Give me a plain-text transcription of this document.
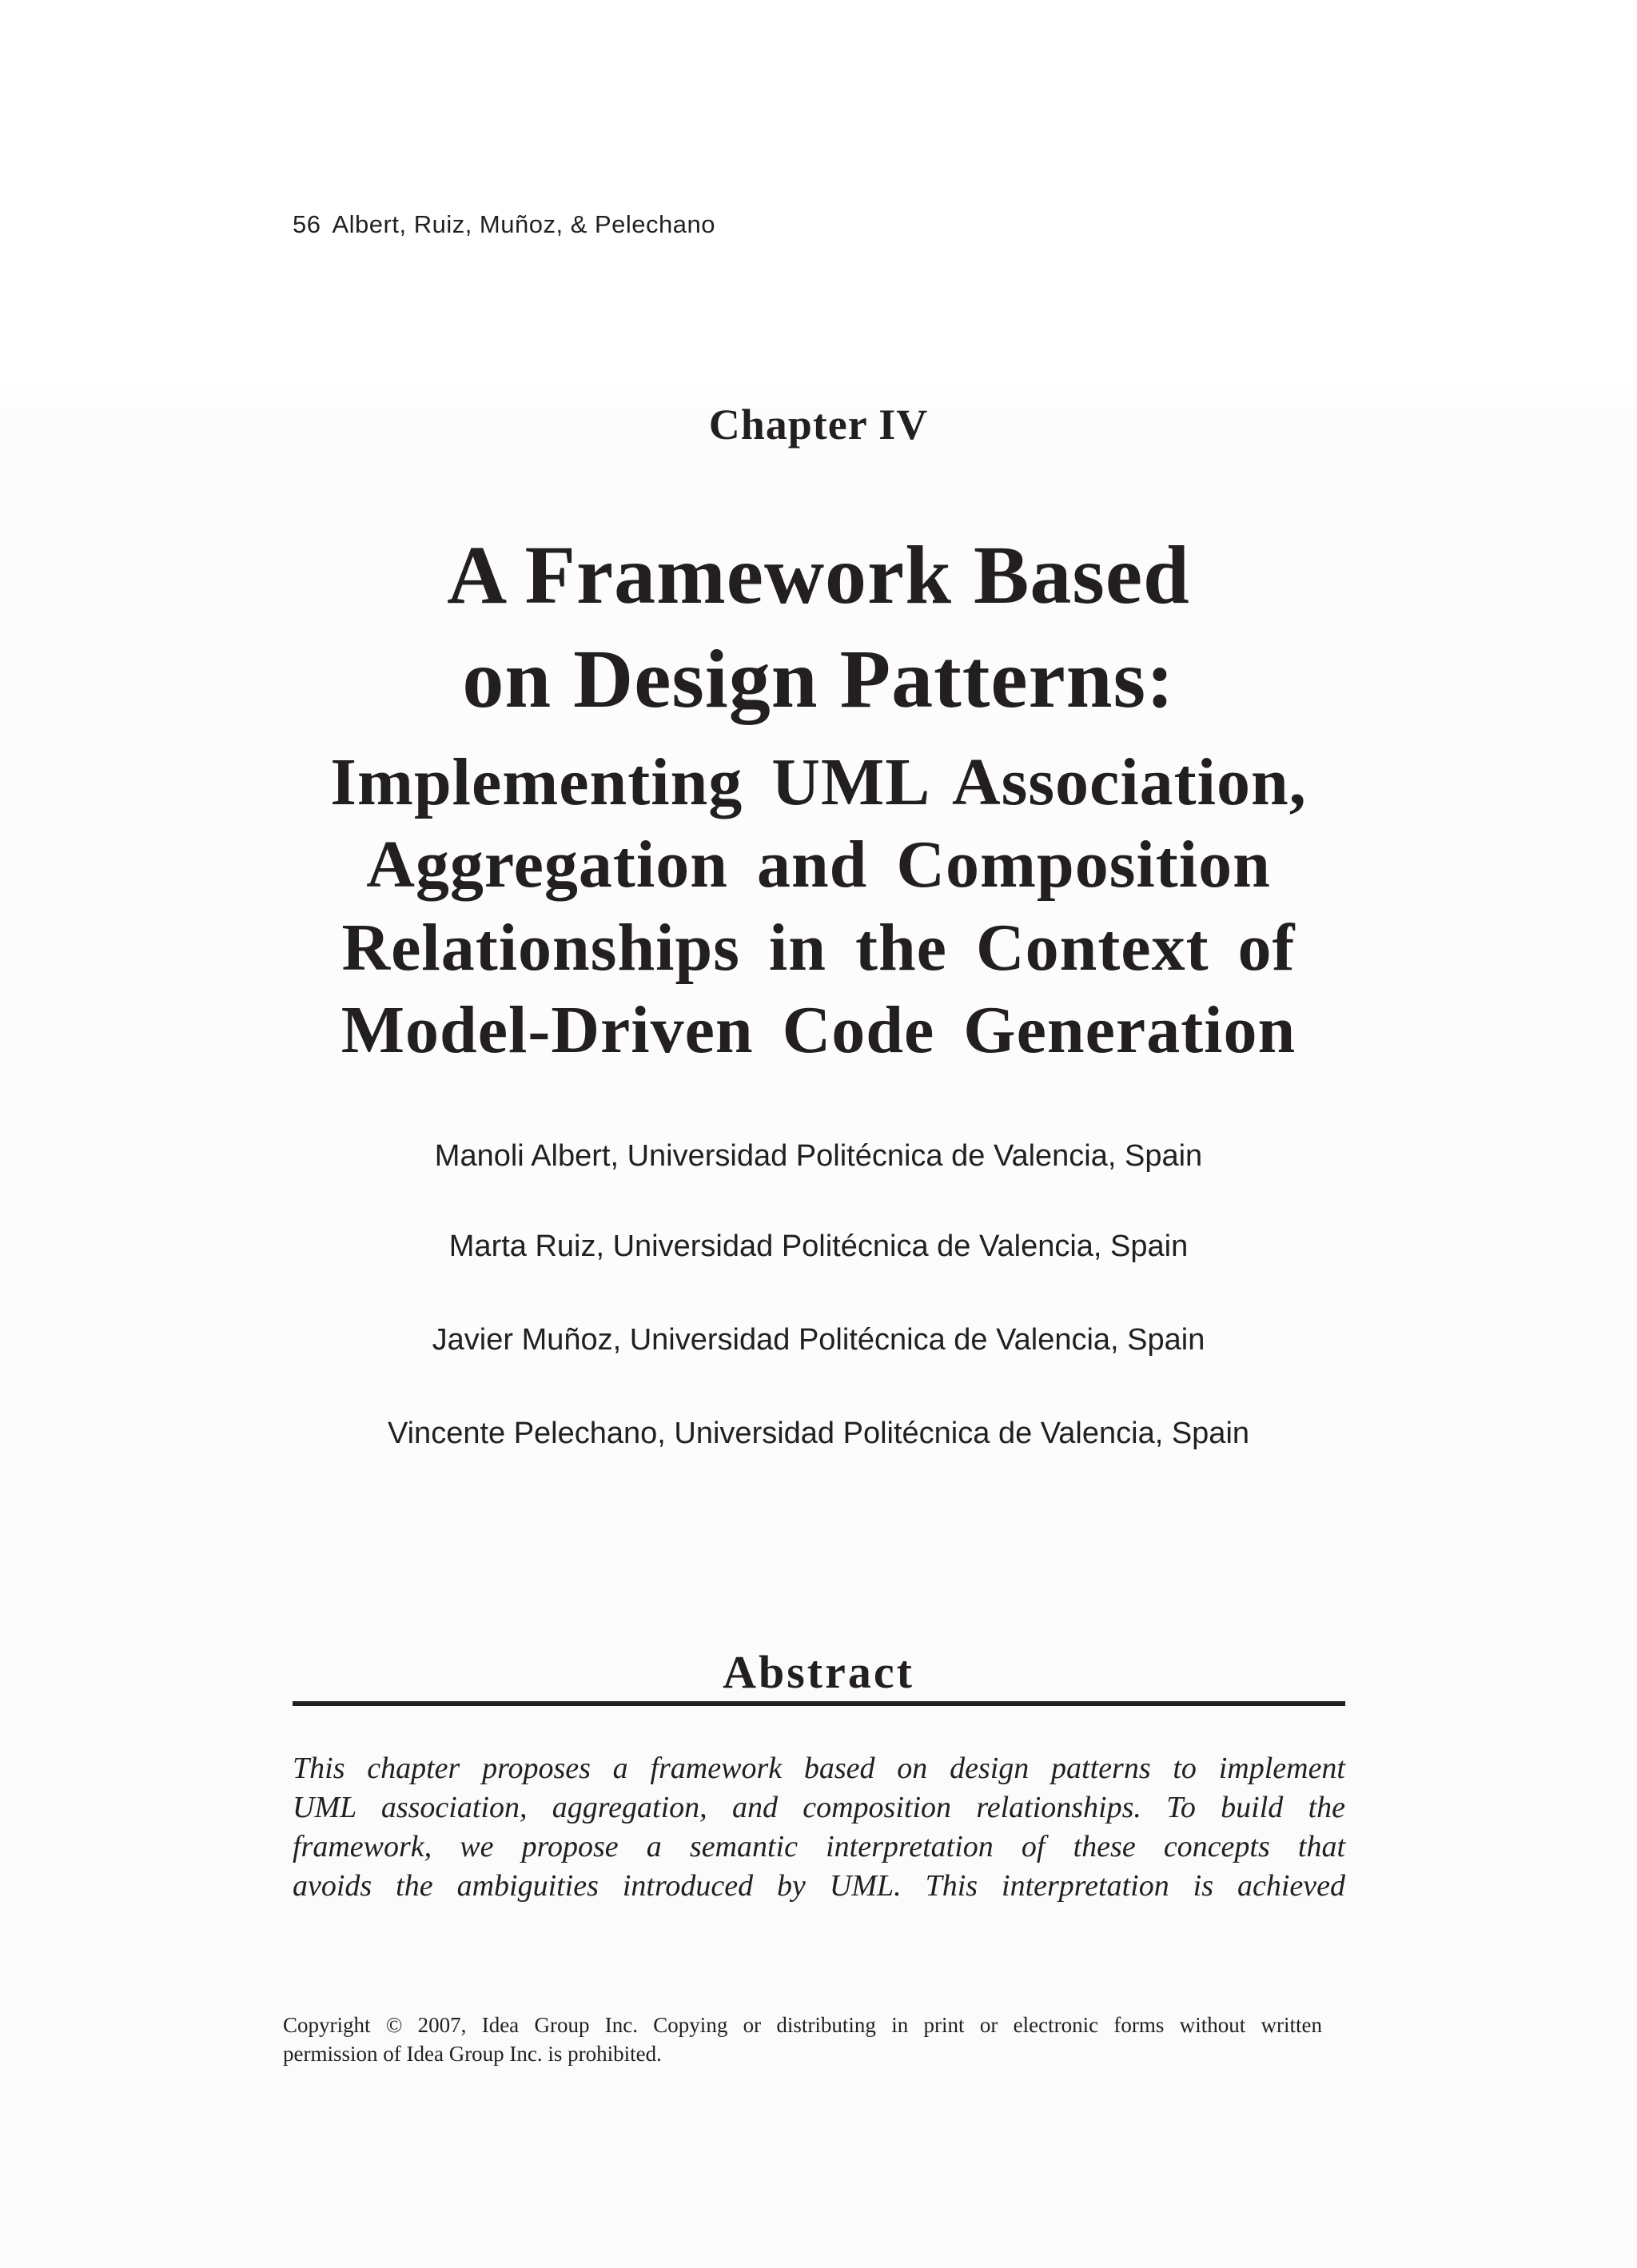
56 Albert, Ruiz, Muñoz, & Pelechano
Chapter IV
A Framework Based
on Design Patterns:
Implementing UML Association,
Aggregation and Composition
Relationships in the Context of
Model-Driven Code Generation
Manoli Albert, Universidad Politécnica de Valencia, Spain
Marta Ruiz, Universidad Politécnica de Valencia, Spain
Javier Muñoz, Universidad Politécnica de Valencia, Spain
Vincente Pelechano, Universidad Politécnica de Valencia, Spain
Abstract
This chapter proposes a framework based on design patterns to implement
UML association, aggregation, and composition relationships. To build the
framework, we propose a semantic interpretation of these concepts that
avoids the ambiguities introduced by UML. This interpretation is achieved
Copyright © 2007, Idea Group Inc. Copying or distributing in print or electronic forms without written
permission of Idea Group Inc. is prohibited.
